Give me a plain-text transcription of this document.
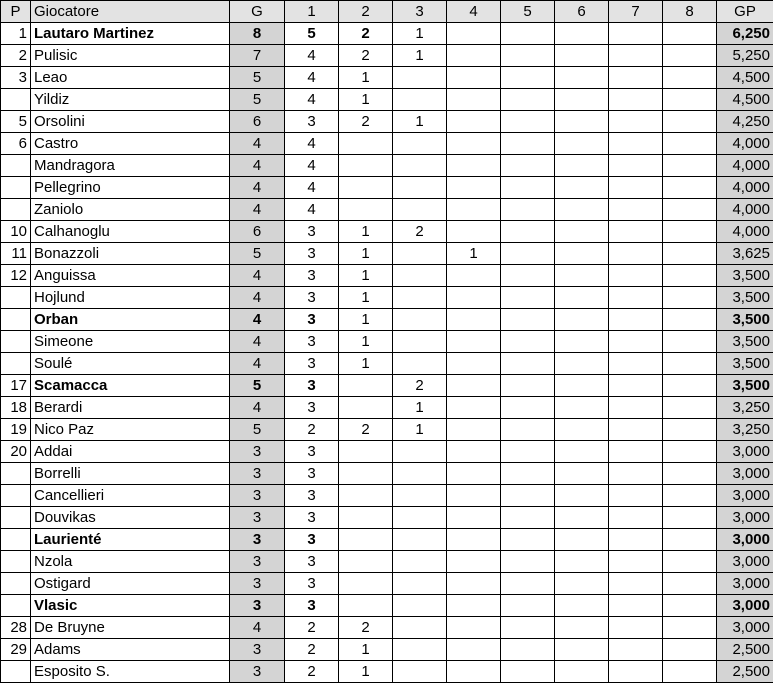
P	Giocatore	G	1	2	3	4	5	6	7	8	GP
1	Lautaro Martinez	8	5	2	1						6,250
2	Pulisic	7	4	2	1						5,250
3	Leao	5	4	1							4,500
	Yildiz	5	4	1							4,500
5	Orsolini	6	3	2	1						4,250
6	Castro	4	4								4,000
	Mandragora	4	4								4,000
	Pellegrino	4	4								4,000
	Zaniolo	4	4								4,000
10	Calhanoglu	6	3	1	2						4,000
11	Bonazzoli	5	3	1		1					3,625
12	Anguissa	4	3	1							3,500
	Hojlund	4	3	1							3,500
	Orban	4	3	1							3,500
	Simeone	4	3	1							3,500
	Soulé	4	3	1							3,500
17	Scamacca	5	3		2						3,500
18	Berardi	4	3		1						3,250
19	Nico Paz	5	2	2	1						3,250
20	Addai	3	3								3,000
	Borrelli	3	3								3,000
	Cancellieri	3	3								3,000
	Douvikas	3	3								3,000
	Laurienté	3	3								3,000
	Nzola	3	3								3,000
	Ostigard	3	3								3,000
	Vlasic	3	3								3,000
28	De Bruyne	4	2	2							3,000
29	Adams	3	2	1							2,500
	Esposito S.	3	2	1							2,500
